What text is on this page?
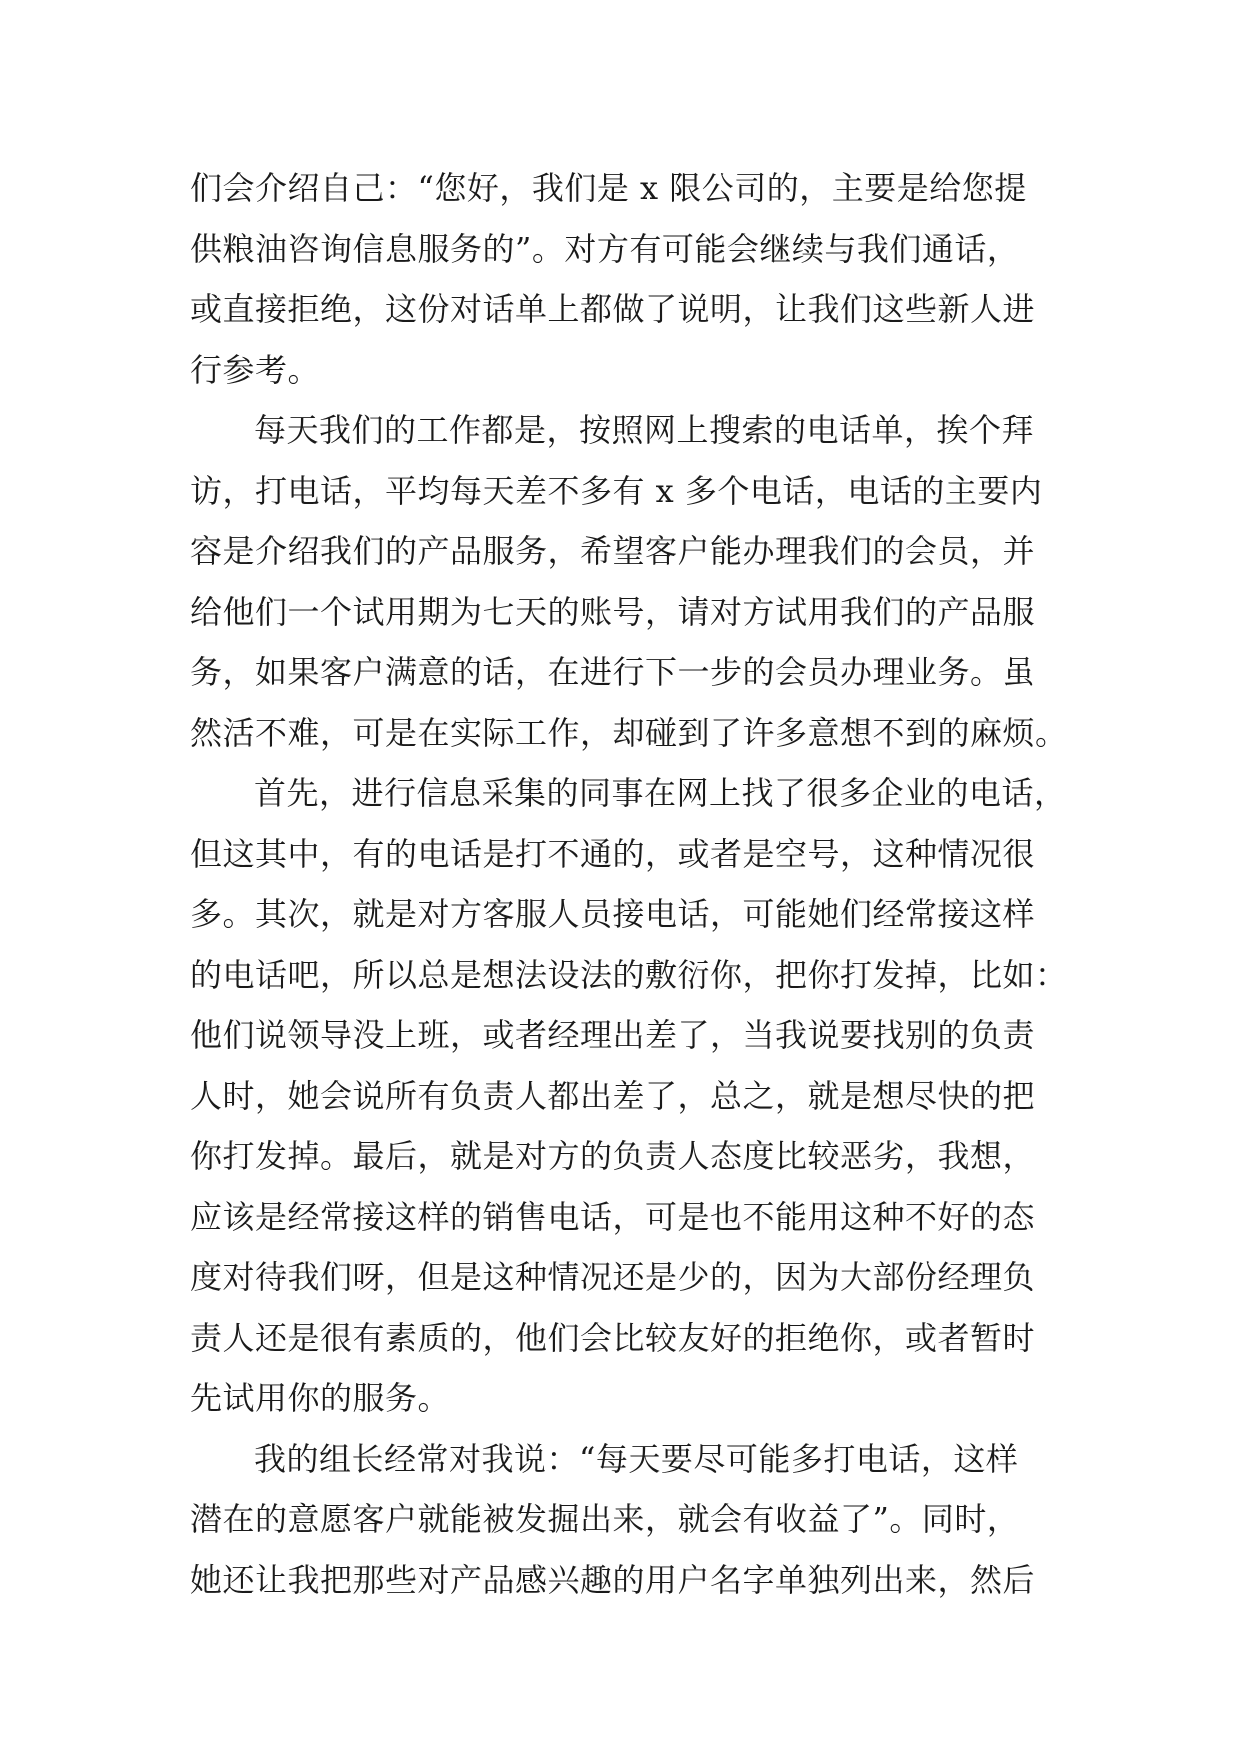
们会介绍自己：“您好，我们是 x 限公司的，主要是给您提
供粮油咨询信息服务的”。对方有可能会继续与我们通话，
或直接拒绝，这份对话单上都做了说明，让我们这些新人进
行参考。
每天我们的工作都是，按照网上搜索的电话单，挨个拜
访，打电话，平均每天差不多有 x 多个电话，电话的主要内
容是介绍我们的产品服务，希望客户能办理我们的会员，并
给他们一个试用期为七天的账号，请对方试用我们的产品服
务，如果客户满意的话，在进行下一步的会员办理业务。虽
然活不难，可是在实际工作，却碰到了许多意想不到的麻烦。
首先，进行信息采集的同事在网上找了很多企业的电话，
但这其中，有的电话是打不通的，或者是空号，这种情况很
多。其次，就是对方客服人员接电话，可能她们经常接这样
的电话吧，所以总是想法设法的敷衍你，把你打发掉，比如：
他们说领导没上班，或者经理出差了，当我说要找别的负责
人时，她会说所有负责人都出差了，总之，就是想尽快的把
你打发掉。最后，就是对方的负责人态度比较恶劣，我想，
应该是经常接这样的销售电话，可是也不能用这种不好的态
度对待我们呀，但是这种情况还是少的，因为大部份经理负
责人还是很有素质的，他们会比较友好的拒绝你，或者暂时
先试用你的服务。
我的组长经常对我说：“每天要尽可能多打电话，这样
潜在的意愿客户就能被发掘出来，就会有收益了”。同时，
她还让我把那些对产品感兴趣的用户名字单独列出来，然后
